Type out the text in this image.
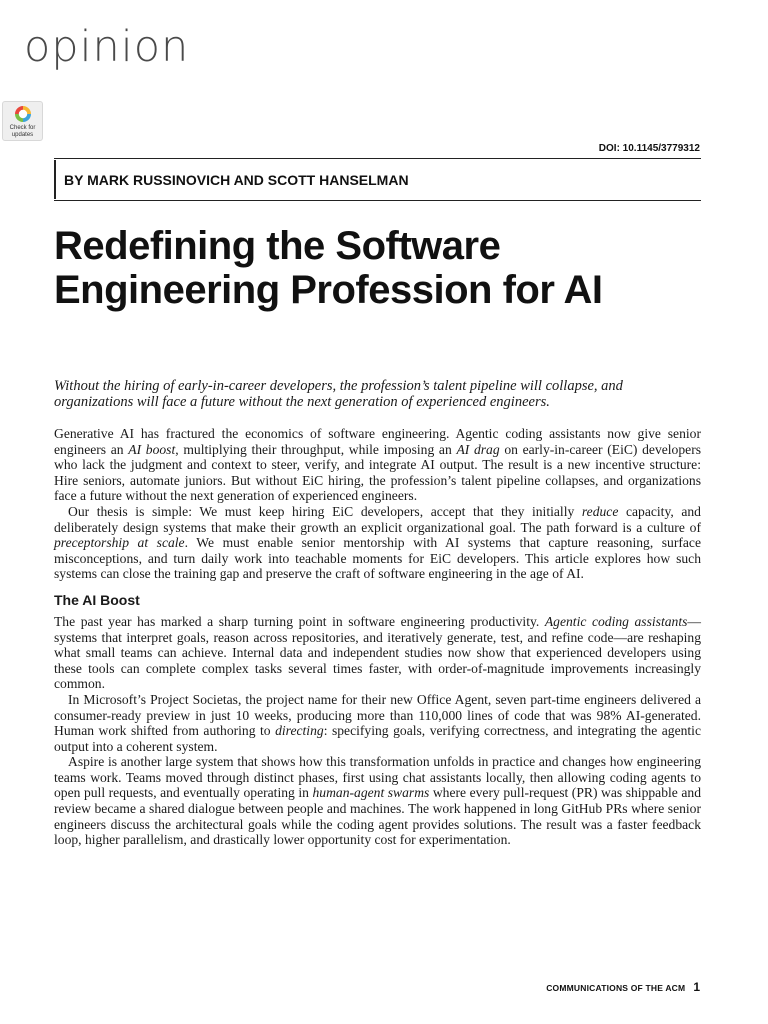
opinion
Check for
updates
DOI: 10.1145/3779312
BY MARK RUSSINOVICH AND SCOTT HANSELMAN
Redefining the Software Engineering Profession for AI

Without the hiring of early-in-career developers, the profession’s talent pipeline will collapse, and organizations will face a future without the next generation of experienced engineers.

Generative AI has fractured the economics of software engineering. Agentic coding assistants now give senior engineers an AI boost, multiplying their throughput, while imposing an AI drag on early-in-career (EiC) developers who lack the judgment and context to steer, verify, and integrate AI output. The result is a new incentive structure: Hire seniors, automate juniors. But without EiC hiring, the profession’s talent pipeline collapses, and organizations face a future without the next generation of experienced engineers.

Our thesis is simple: We must keep hiring EiC developers, accept that they initially reduce capacity, and deliberately design systems that make their growth an explicit organizational goal. The path forward is a culture of preceptorship at scale. We must enable senior mentorship with AI systems that capture reasoning, surface misconceptions, and turn daily work into teachable moments for EiC developers. This article explores how such systems can close the training gap and preserve the craft of software engineering in the age of AI.

The AI Boost

The past year has marked a sharp turning point in software engineering productivity. Agentic coding assistants—systems that interpret goals, reason across repositories, and iteratively generate, test, and refine code—are reshaping what small teams can achieve. Internal data and independent studies now show that experienced developers using these tools can complete complex tasks several times faster, with order-of-magnitude improvements increasingly common.

In Microsoft’s Project Societas, the project name for their new Office Agent, seven part-time engineers delivered a consumer-ready preview in just 10 weeks, producing more than 110,000 lines of code that was 98% AI-generated. Human work shifted from authoring to directing: specifying goals, verifying correctness, and integrating the agentic output into a coherent system.

Aspire is another large system that shows how this transformation unfolds in practice and changes how engineering teams work. Teams moved through distinct phases, first using chat assistants locally, then allowing coding agents to open pull requests, and eventually operating in human-agent swarms where every pull-request (PR) was shippable and review became a shared dialogue between people and machines. The work happened in long GitHub PRs where senior engineers discuss the architectural goals while the coding agent provides solutions. The result was a faster feedback loop, higher parallelism, and drastically lower opportunity cost for experimentation.

COMMUNICATIONS OF THE ACM 1
